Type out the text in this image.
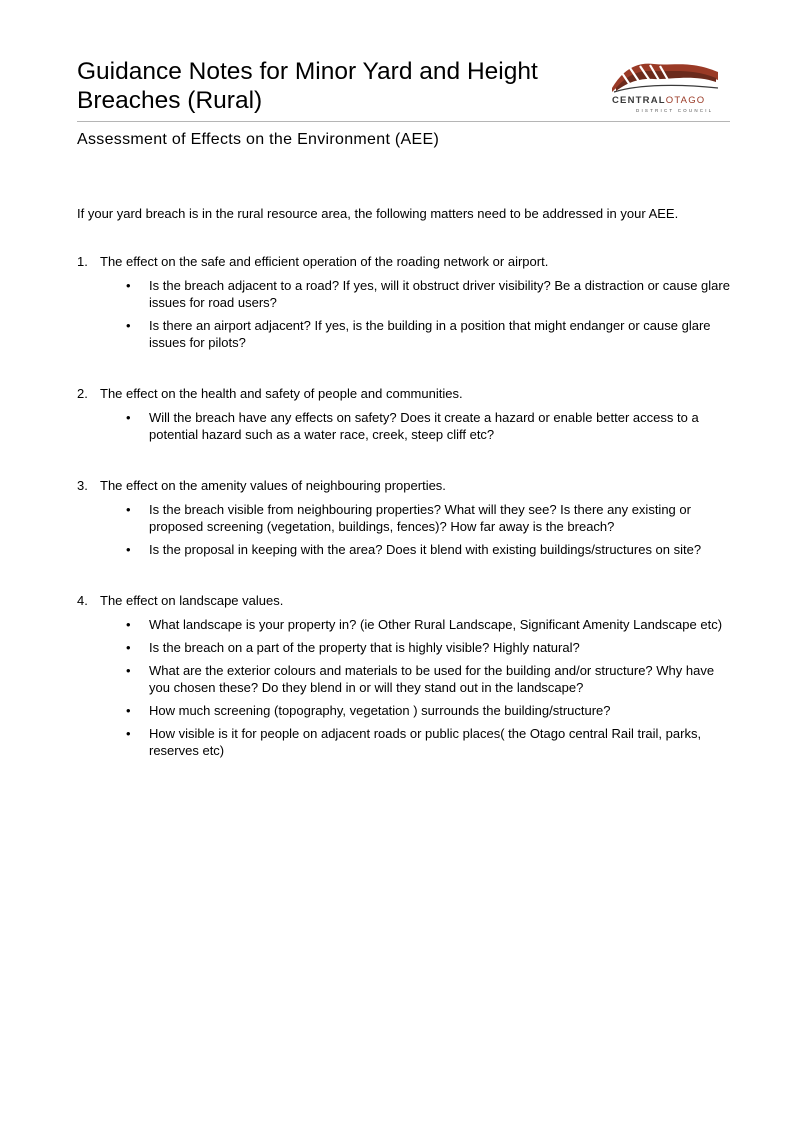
Guidance Notes for Minor Yard and Height Breaches (Rural)	CENTRALOTAGO
DISTRICT COUNCIL
Assessment of Effects on the Environment (AEE)

If your yard breach is in the rural resource area, the following matters need to be addressed in your AEE.

1. The effect on the safe and efficient operation of the roading network or airport.

• Is the breach adjacent to a road? If yes, will it obstruct driver visibility? Be a distraction or cause glare issues for road users?
• Is there an airport adjacent? If yes, is the building in a position that might endanger or cause glare issues for pilots?

2. The effect on the health and safety of people and communities.

• Will the breach have any effects on safety? Does it create a hazard or enable better access to a potential hazard such as a water race, creek, steep cliff etc?

3. The effect on the amenity values of neighbouring properties.

• Is the breach visible from neighbouring properties? What will they see? Is there any existing or proposed screening (vegetation, buildings, fences)? How far away is the breach?
• Is the proposal in keeping with the area? Does it blend with existing buildings/structures on site?

4. The effect on landscape values.

• What landscape is your property in? (ie Other Rural Landscape, Significant Amenity Landscape etc)
• Is the breach on a part of the property that is highly visible? Highly natural?
• What are the exterior colours and materials to be used for the building and/or structure? Why have you chosen these? Do they blend in or will they stand out in the landscape?
• How much screening (topography, vegetation ) surrounds the building/structure?
• How visible is it for people on adjacent roads or public places( the Otago central Rail trail, parks, reserves etc)
